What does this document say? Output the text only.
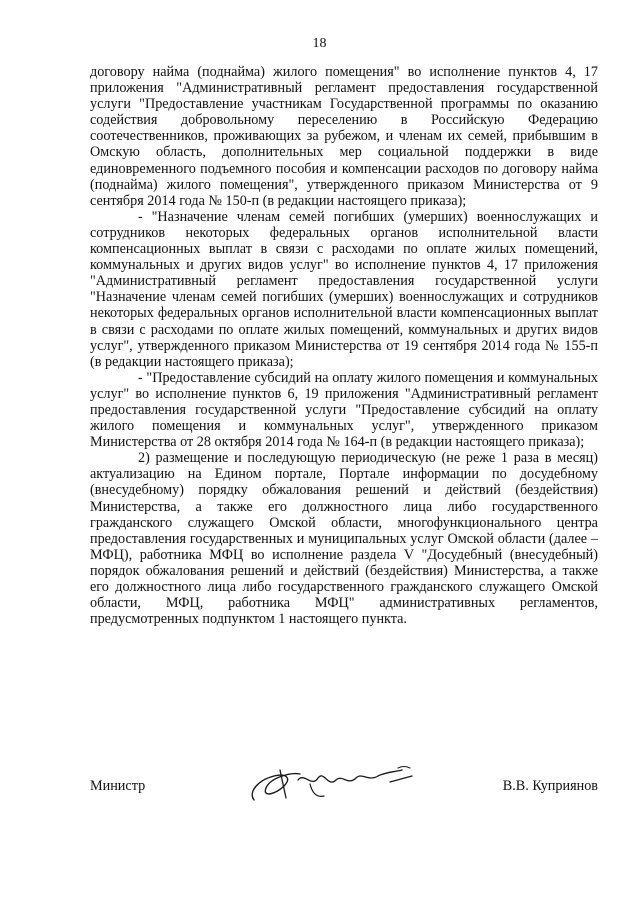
18

договору найма (поднайма) жилого помещения" во исполнение пунктов 4, 17 приложения "Административный регламент предоставления государственной услуги "Предоставление участникам Государственной программы по оказанию содействия добровольному переселению в Российскую Федерацию соотечественников, проживающих за рубежом, и членам их семей, прибывшим в Омскую область, дополнительных мер социальной поддержки в виде единовременного подъемного пособия и компенсации расходов по договору найма (поднайма) жилого помещения", утвержденного приказом Министерства от 9 сентября 2014 года № 150-п (в редакции настоящего приказа);

- "Назначение членам семей погибших (умерших) военнослужащих и сотрудников некоторых федеральных органов исполнительной власти компенсационных выплат в связи с расходами по оплате жилых помещений, коммунальных и других видов услуг" во исполнение пунктов 4, 17 приложения "Административный регламент предоставления государственной услуги "Назначение членам семей погибших (умерших) военнослужащих и сотрудников некоторых федеральных органов исполнительной власти компенсационных выплат в связи с расходами по оплате жилых помещений, коммунальных и других видов услуг", утвержденного приказом Министерства от 19 сентября 2014 года № 155-п (в редакции настоящего приказа);

- "Предоставление субсидий на оплату жилого помещения и коммунальных услуг" во исполнение пунктов 6, 19 приложения "Административный регламент предоставления государственной услуги "Предоставление субсидий на оплату жилого помещения и коммунальных услуг", утвержденного приказом Министерства от 28 октября 2014 года № 164-п (в редакции настоящего приказа);

2) размещение и последующую периодическую (не реже 1 раза в месяц) актуализацию на Едином портале, Портале информации по досудебному (внесудебному) порядку обжалования решений и действий (бездействия) Министерства, а также его должностного лица либо государственного гражданского служащего Омской области, многофункционального центра предоставления государственных и муниципальных услуг Омской области (далее – МФЦ), работника МФЦ во исполнение раздела V "Досудебный (внесудебный) порядок обжалования решений и действий (бездействия) Министерства, а также его должностного лица либо государственного гражданского служащего Омской области, МФЦ, работника МФЦ" административных регламентов, предусмотренных подпунктом 1 настоящего пункта.

Министр	В.В. Куприянов
